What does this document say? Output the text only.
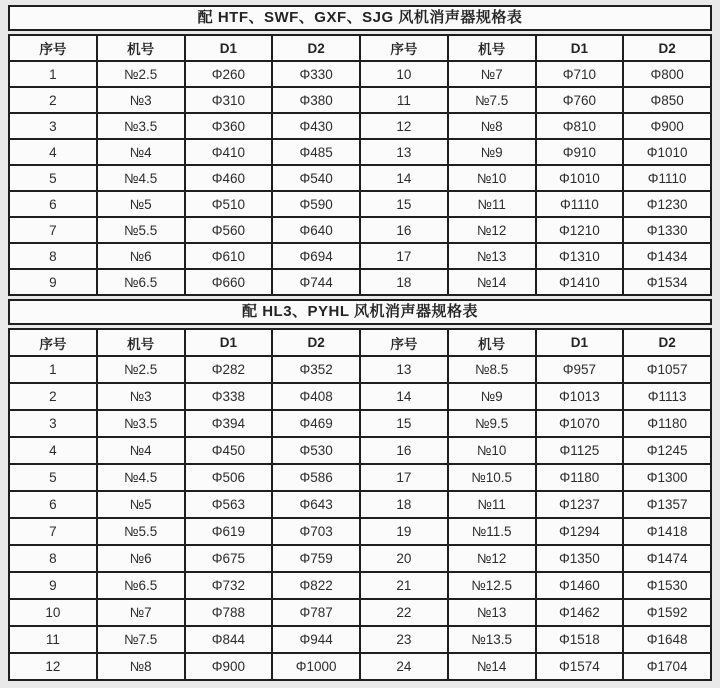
配 HTF、SWF、GXF、SJG 风机消声器规格表
序号	机号	D1	D2	序号	机号	D1	D2
1	№2.5	Φ260	Φ330	10	№7	Φ710	Φ800
2	№3	Φ310	Φ380	11	№7.5	Φ760	Φ850
3	№3.5	Φ360	Φ430	12	№8	Φ810	Φ900
4	№4	Φ410	Φ485	13	№9	Φ910	Φ1010
5	№4.5	Φ460	Φ540	14	№10	Φ1010	Φ1110
6	№5	Φ510	Φ590	15	№11	Φ1110	Φ1230
7	№5.5	Φ560	Φ640	16	№12	Φ1210	Φ1330
8	№6	Φ610	Φ694	17	№13	Φ1310	Φ1434
9	№6.5	Φ660	Φ744	18	№14	Φ1410	Φ1534
配 HL3、PYHL 风机消声器规格表
序号	机号	D1	D2	序号	机号	D1	D2
1	№2.5	Φ282	Φ352	13	№8.5	Φ957	Φ1057
2	№3	Φ338	Φ408	14	№9	Φ1013	Φ1113
3	№3.5	Φ394	Φ469	15	№9.5	Φ1070	Φ1180
4	№4	Φ450	Φ530	16	№10	Φ1125	Φ1245
5	№4.5	Φ506	Φ586	17	№10.5	Φ1180	Φ1300
6	№5	Φ563	Φ643	18	№11	Φ1237	Φ1357
7	№5.5	Φ619	Φ703	19	№11.5	Φ1294	Φ1418
8	№6	Φ675	Φ759	20	№12	Φ1350	Φ1474
9	№6.5	Φ732	Φ822	21	№12.5	Φ1460	Φ1530
10	№7	Φ788	Φ787	22	№13	Φ1462	Φ1592
11	№7.5	Φ844	Φ944	23	№13.5	Φ1518	Φ1648
12	№8	Φ900	Φ1000	24	№14	Φ1574	Φ1704
